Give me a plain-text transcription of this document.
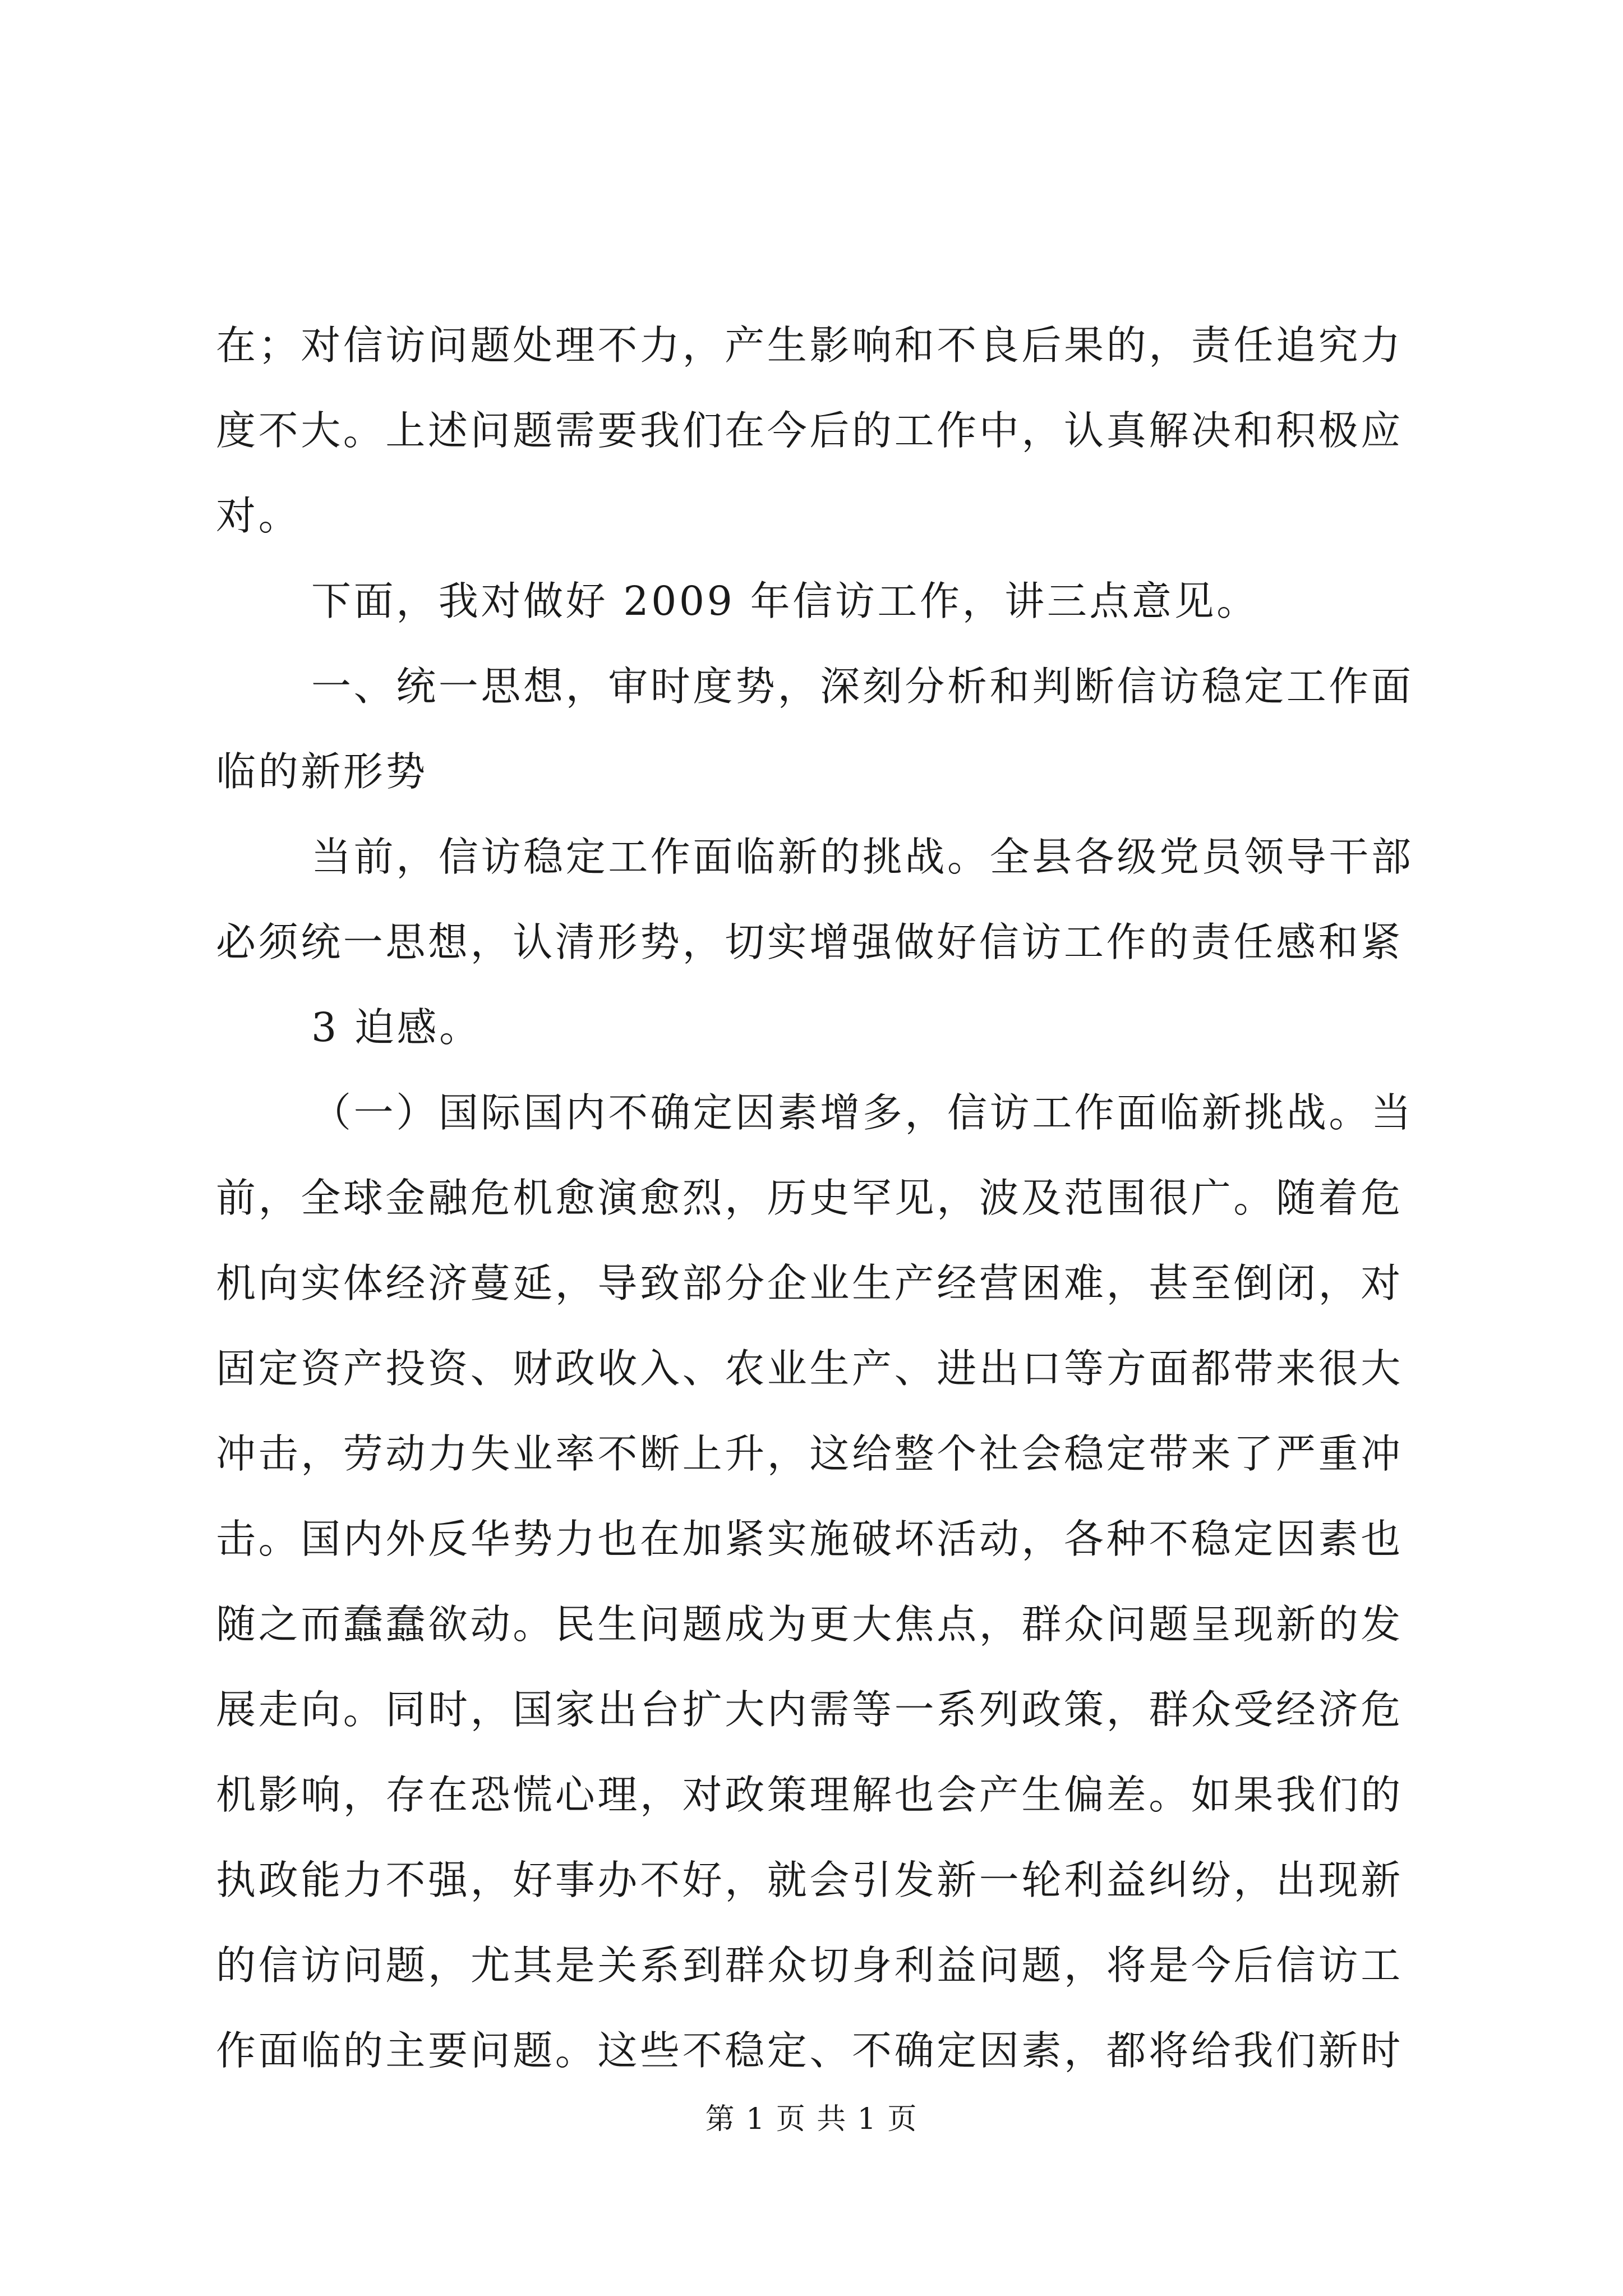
在；对信访问题处理不力，产生影响和不良后果的，责任追究力
度不大。上述问题需要我们在今后的工作中，认真解决和积极应
对。
下面，我对做好 2009 年信访工作，讲三点意见。
一、统一思想，审时度势，深刻分析和判断信访稳定工作面
临的新形势
当前，信访稳定工作面临新的挑战。全县各级党员领导干部
必须统一思想，认清形势，切实增强做好信访工作的责任感和紧
3 迫感。
（一）国际国内不确定因素增多，信访工作面临新挑战。当
前，全球金融危机愈演愈烈，历史罕见，波及范围很广。随着危
机向实体经济蔓延，导致部分企业生产经营困难，甚至倒闭，对
固定资产投资、财政收入、农业生产、进出口等方面都带来很大
冲击，劳动力失业率不断上升，这给整个社会稳定带来了严重冲
击。国内外反华势力也在加紧实施破坏活动，各种不稳定因素也
随之而蠢蠢欲动。民生问题成为更大焦点，群众问题呈现新的发
展走向。同时，国家出台扩大内需等一系列政策，群众受经济危
机影响，存在恐慌心理，对政策理解也会产生偏差。如果我们的
执政能力不强，好事办不好，就会引发新一轮利益纠纷，出现新
的信访问题，尤其是关系到群众切身利益问题，将是今后信访工
作面临的主要问题。这些不稳定、不确定因素，都将给我们新时
第 1 页 共 1 页
